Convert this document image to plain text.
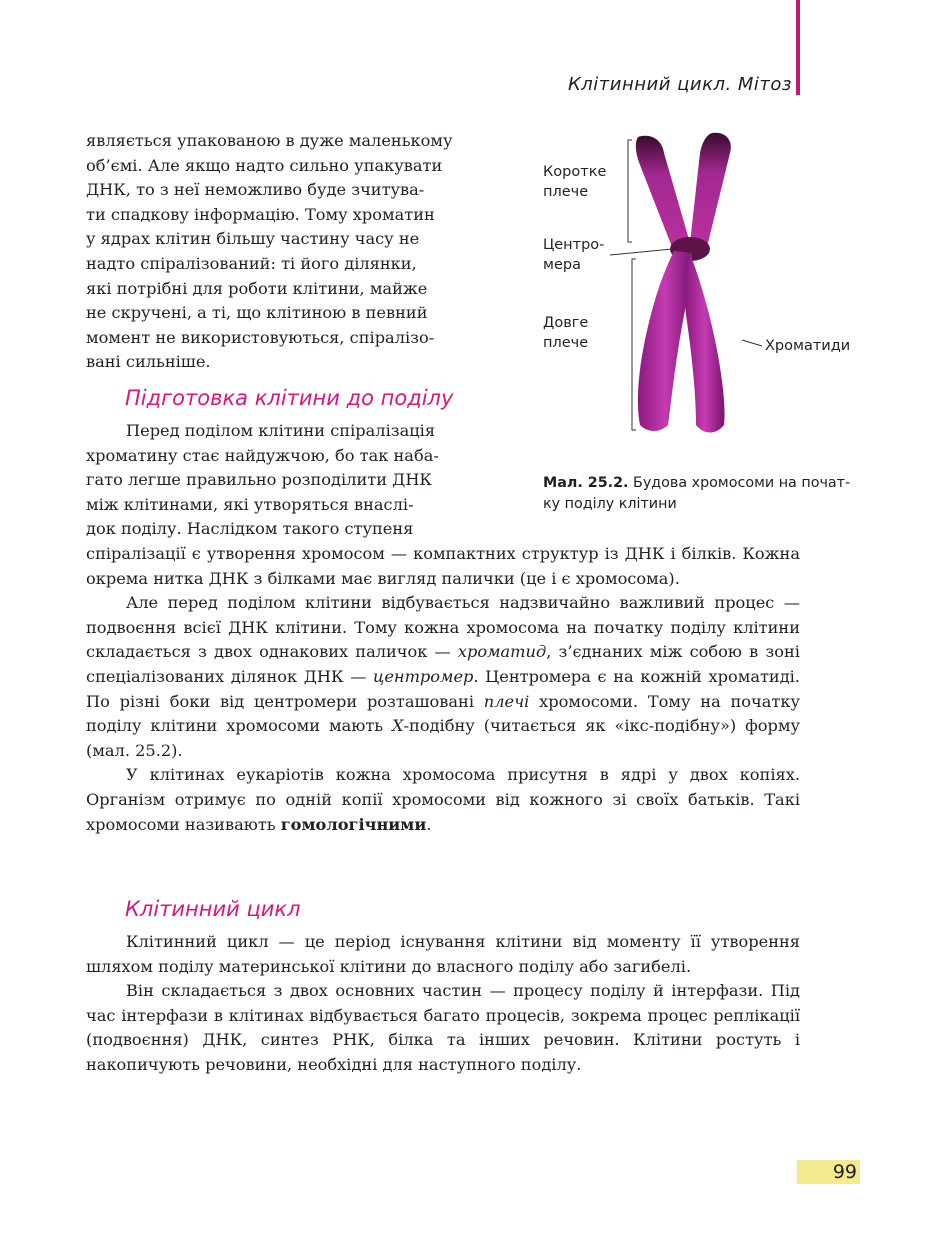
Клітинний цикл. Мітоз

являється упакованою в дуже маленькому

об’ємі. Але якщо надто сильно упакувати

ДНК, то з неї неможливо буде зчитува-

ти спадкову інформацію. Тому хроматин

у ядрах клітин більшу частину часу не

надто спіралізований: ті його ділянки,

які потрібні для роботи клітини, майже

не скручені, а ті, що клітиною в певний

момент не використовуються, спіралізо-

вані сильніше.

Підготовка клітини до поділу

Перед поділом клітини спіралізація

хроматину стає найдужчою, бо так наба-

гато легше правильно розподілити ДНК

між клітинами, які утворяться внаслі-

док поділу. Наслідком такого ступеня

спіралізації є утворення хромосом — компактних структур із ДНК і білків. Кожна окрема нитка ДНК з білками має вигляд палички (це і є хромосома).

Але перед поділом клітини відбувається надзвичайно важливий процес — подвоєння всієї ДНК клітини. Тому кожна хромосома на початку поділу клітини складається з двох однакових паличок — хроматид, з’єднаних між собою в зоні спеціалізованих ділянок ДНК — центромер. Центромера є на кожній хроматиді. По різні боки від центромери розташовані плечі хромосоми. Тому на початку поділу клітини хромосоми мають X-подібну (читається як «ікс-подібну») форму (мал. 25.2).

У клітинах еукаріотів кожна хромосома присутня в ядрі у двох копіях. Організм отримує по одній копії хромосоми від кожного зі своїх батьків. Такі хромосоми називають гомологічними.

Клітинний цикл

Клітинний цикл — це період існування клітини від моменту її утворення шляхом поділу материнської клітини до власного поділу або загибелі.

Він складається з двох основних частин — процесу поділу й інтерфази. Під час інтерфази в клітинах відбувається багато процесів, зокрема процес реплікації (подвоєння) ДНК, синтез РНК, білка та інших речовин. Клітини ростуть і накопичують речовини, необхідні для наступного поділу.

Коротке
плече
Центро-
мера
Довге
плече	Хроматиди
Мал. 25.2. Будова хромосоми на почат-ку поділу клітини
99
